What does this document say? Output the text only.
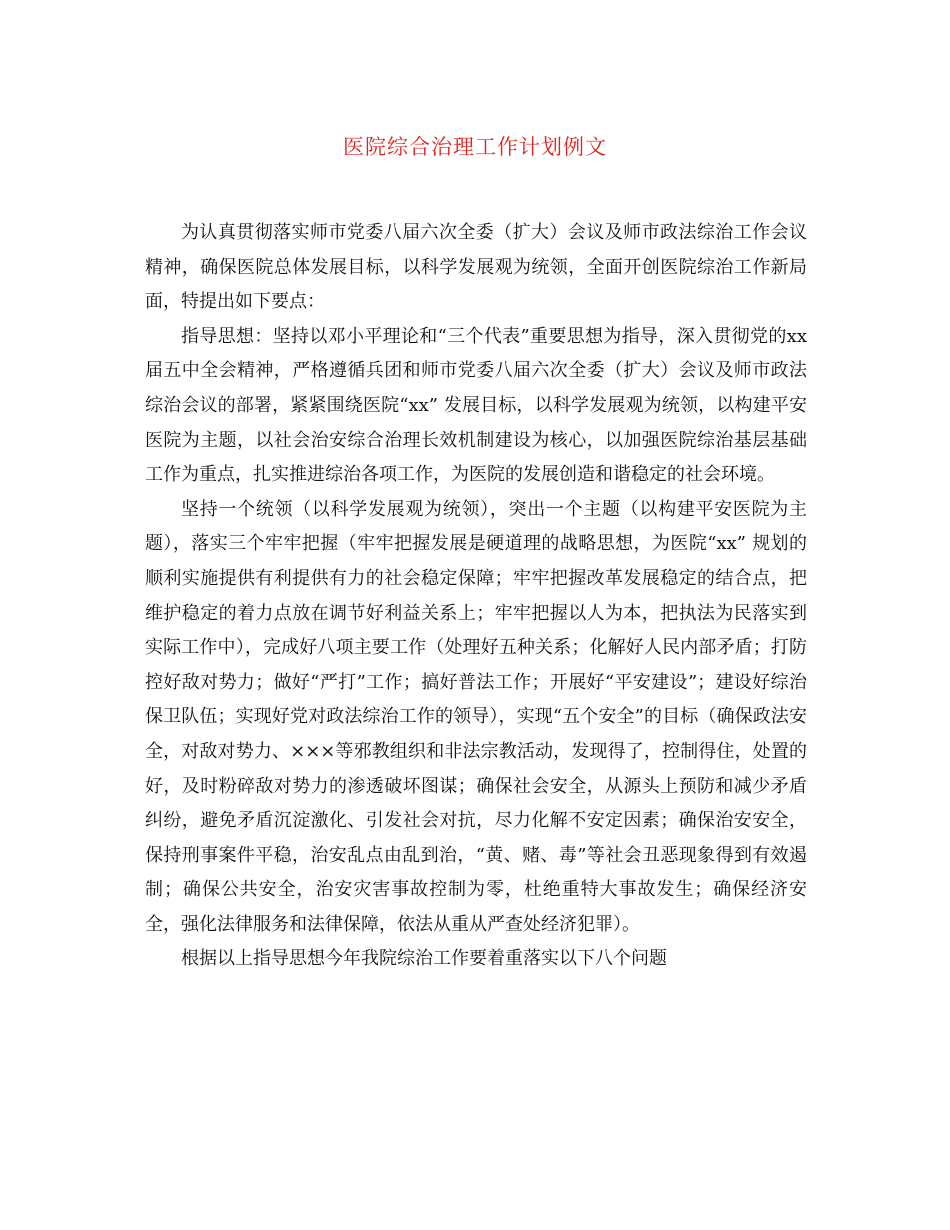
医院综合治理工作计划例文

为认真贯彻落实师市党委八届六次全委（扩大）会议及师市政法综治工作会议精神，确保医院总体发展目标，以科学发展观为统领，全面开创医院综治工作新局面，特提出如下要点：

指导思想：坚持以邓小平理论和“三个代表”重要思想为指导，深入贯彻党的xx届五中全会精神，严格遵循兵团和师市党委八届六次全委（扩大）会议及师市政法综治会议的部署，紧紧围绕医院“xx” 发展目标，以科学发展观为统领，以构建平安医院为主题，以社会治安综合治理长效机制建设为核心，以加强医院综治基层基础工作为重点，扎实推进综治各项工作，为医院的发展创造和谐稳定的社会环境。

坚持一个统领（以科学发展观为统领），突出一个主题（以构建平安医院为主题），落实三个牢牢把握（牢牢把握发展是硬道理的战略思想，为医院“xx” 规划的顺利实施提供有利提供有力的社会稳定保障；牢牢把握改革发展稳定的结合点，把维护稳定的着力点放在调节好利益关系上；牢牢把握以人为本，把执法为民落实到实际工作中），完成好八项主要工作（处理好五种关系；化解好人民内部矛盾；打防控好敌对势力；做好“严打”工作；搞好普法工作；开展好“平安建设”；建设好综治保卫队伍；实现好党对政法综治工作的领导），实现“五个安全”的目标（确保政法安全，对敌对势力、×××等邪教组织和非法宗教活动，发现得了，控制得住，处置的好，及时粉碎敌对势力的渗透破坏图谋；确保社会安全，从源头上预防和减少矛盾纠纷，避免矛盾沉淀激化、引发社会对抗，尽力化解不安定因素；确保治安安全，保持刑事案件平稳，治安乱点由乱到治，“黄、赌、毒”等社会丑恶现象得到有效遏制；确保公共安全，治安灾害事故控制为零，杜绝重特大事故发生；确保经济安全，强化法律服务和法律保障，依法从重从严查处经济犯罪）。

根据以上指导思想今年我院综治工作要着重落实以下八个问题
